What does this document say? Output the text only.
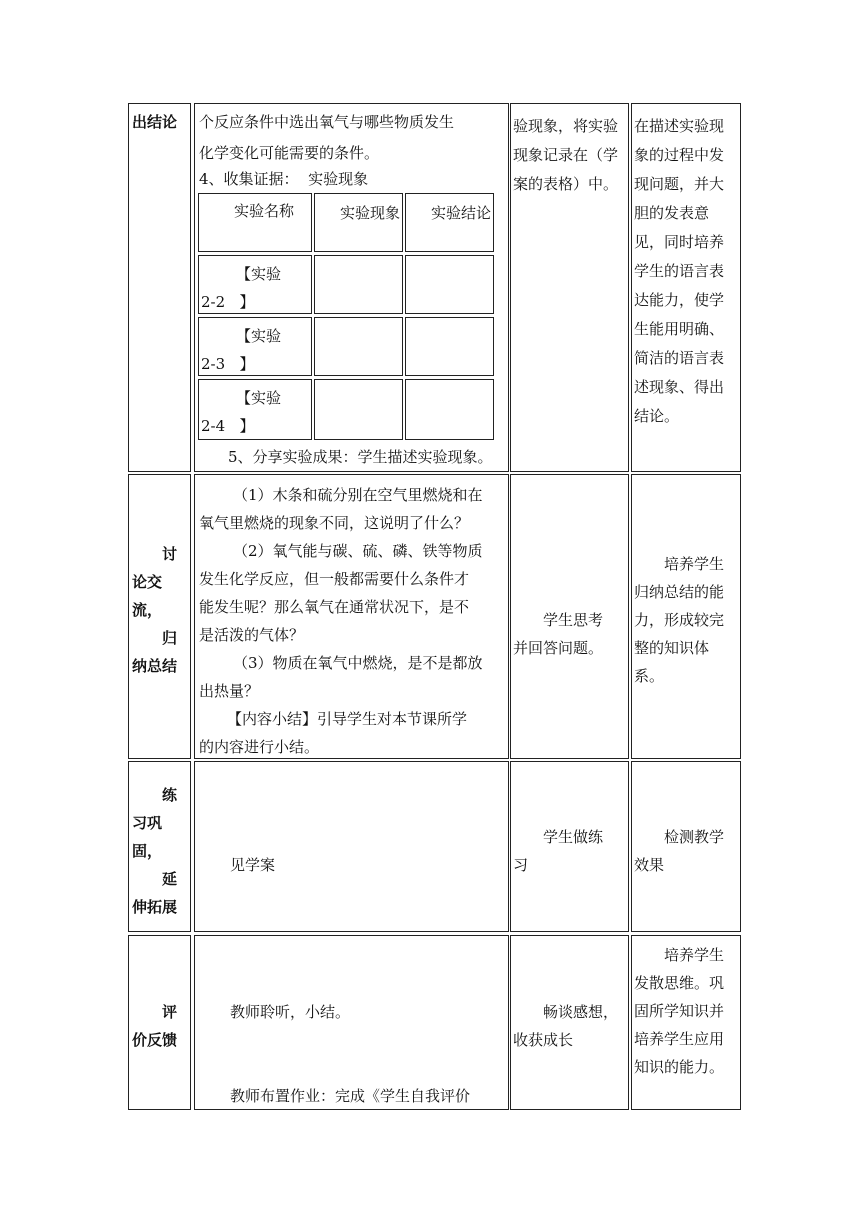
出结论 个反应条件中选出氧气与哪些物质发生
化学变化可能需要的条件。
4、收集证据：  实验现象
实验名称	实验现象	实验结论
【实验
2-2   】
【实验
2-3   】
【实验
2-4   】
5、分享实验成果：学生描述实验现象。
验现象，将实验
现象记录在（学
案的表格）中。
在描述实验现
象的过程中发
现问题，并大
胆的发表意
见，同时培养
学生的语言表
达能力，使学
生能用明确、
简洁的语言表
述现象、得出
结论。
讨
论交
流，
归
纳总结
（1）木条和硫分别在空气里燃烧和在
氧气里燃烧的现象不同，这说明了什么？
（2）氧气能与碳、硫、磷、铁等物质
发生化学反应，但一般都需要什么条件才
能发生呢？那么氧气在通常状况下，是不
是活泼的气体？
（3）物质在氧气中燃烧，是不是都放
出热量？
【内容小结】引导学生对本节课所学
的内容进行小结。
学生思考
并回答问题。
培养学生
归纳总结的能
力，形成较完
整的知识体
系。
练
习巩
固，
延
伸拓展
见学案
学生做练
习
检测教学
效果
评
价反馈
教师聆听，小结。
教师布置作业：完成《学生自我评价
畅谈感想，
收获成长
培养学生
发散思维。巩
固所学知识并
培养学生应用
知识的能力。
